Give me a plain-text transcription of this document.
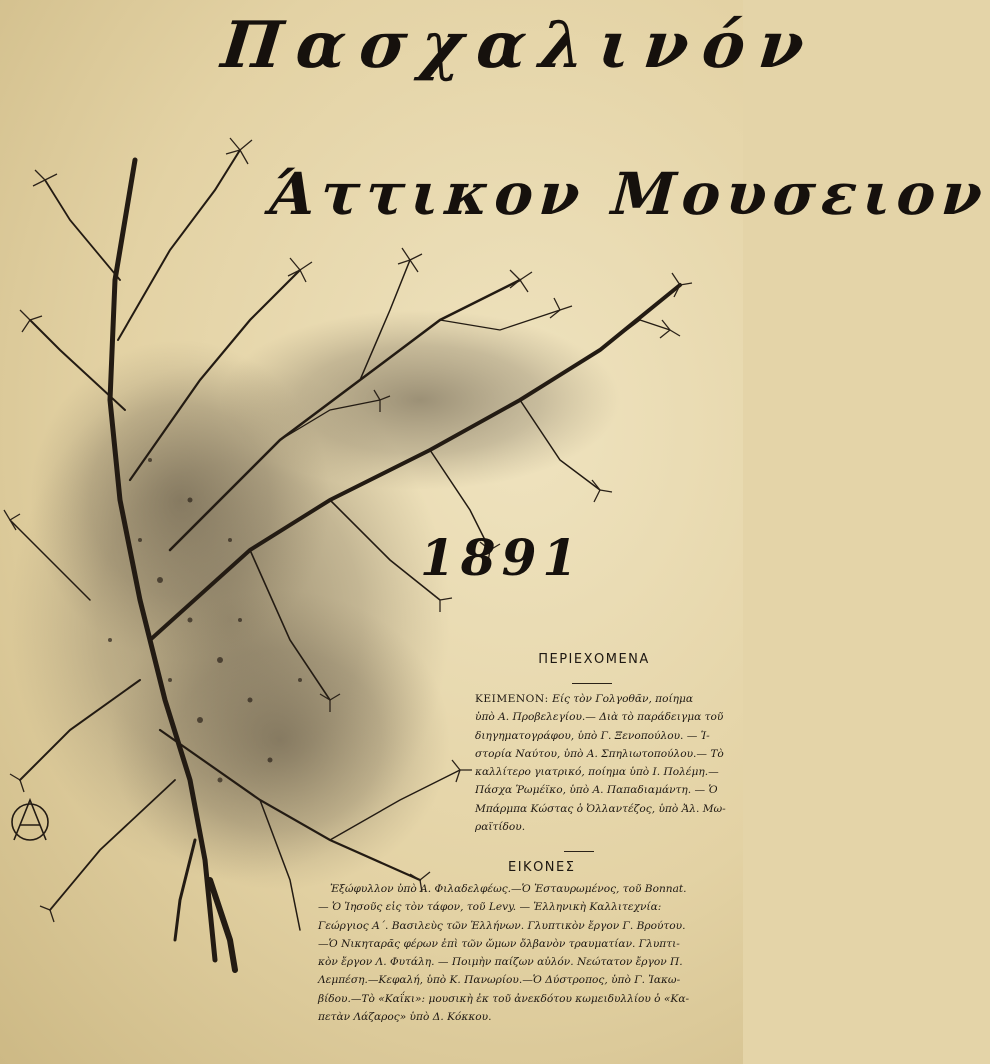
Πασχαλινόν
Άττικον Μουσειον
1891
ΠΕΡΙΕΧΟΜΕΝΑ
ΚΕΙΜΕΝΟΝ: Είς τὸν Γολγοθᾶν, ποίημα
ὑπὸ Α. Προβελεγίου.— Διὰ τὸ παράδειγμα τοῦ
διηγηματογράφου, ὑπὸ Γ. Ξενοπούλου. — Ἱ-
στορία Ναύτου, ὑπὸ Α. Σπηλιωτοπούλου.— Τὸ
καλλίτερο γιατρικό, ποίημα ὑπὸ Ι. Πολέμη.—
Πάσχα Ῥωμέϊκο, ὑπὸ Α. Παπαδιαμάντη. — Ὁ
Μπάρμπα Κώστας ὁ Ὀλλαντέζος, ὑπὸ Ἀλ. Μω-
ραϊτίδου.
ΕΙΚΟΝΕΣ
Ἐξώφυλλον ὑπὸ Α. Φιλαδελφέως.—Ὁ Ἐσταυρωμένος, τοῦ Bonnat.
— Ὁ Ἰησοῦς εἰς τὸν τάφον, τοῦ Levy. — Ἑλληνικὴ Καλλιτεχνία:
Γεώργιος Α΄. Βασιλεὺς τῶν Ἑλλήνων. Γλυπτικὸν ἔργον Γ. Βρούτου.
—Ὁ Νικηταρᾶς φέρων ἐπὶ τῶν ὤμων ὄλβανὸν τραυματίαν. Γλυπτι-
κὸν ἔργον Λ. Φυτάλη. — Ποιμὴν παίζων αὐλόν. Νεώτατον ἔργον Π.
Λεμπέση.—Κεφαλή, ὑπὸ Κ. Πανωρίου.—Ὁ Δύστροπος, ὑπὸ Γ. Ἰακω-
βίδου.—Τὸ «Καΐκι»: μουσικὴ ἐκ τοῦ ἀνεκδότου κωμειδυλλίου ὁ «Κα-
πετὰν Λάζαρος» ὑπὸ Δ. Κόκκου.
